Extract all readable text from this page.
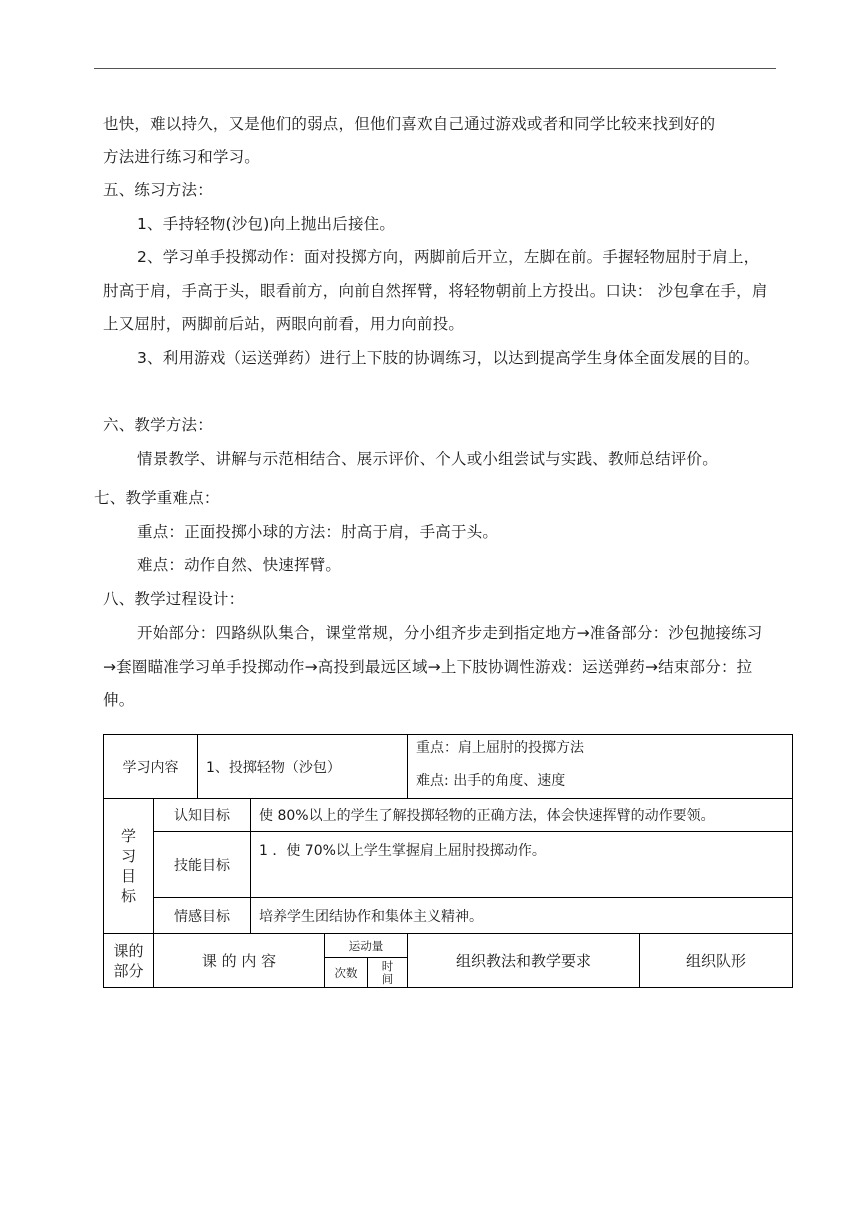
也快，难以持久，又是他们的弱点，但他们喜欢自己通过游戏或者和同学比较来找到好的
方法进行练习和学习。
五、练习方法：
1、手持轻物(沙包)向上抛出后接住。
2、学习单手投掷动作：面对投掷方向，两脚前后开立，左脚在前。手握轻物屈肘于肩上，肘高于肩，手高于头，眼看前方，向前自然挥臂，将轻物朝前上方投出。口诀： 沙包拿在手，肩上又屈肘，两脚前后站，两眼向前看，用力向前投。
3、利用游戏（运送弹药）进行上下肢的协调练习，以达到提高学生身体全面发展的目的。
六、教学方法：
情景教学、讲解与示范相结合、展示评价、个人或小组尝试与实践、教师总结评价。
七、教学重难点：
重点：正面投掷小球的方法：肘高于肩，手高于头。
难点：动作自然、快速挥臂。
八、教学过程设计：
开始部分：四路纵队集合，课堂常规，分小组齐步走到指定地方→准备部分：沙包抛接练习→套圈瞄准学习单手投掷动作→高投到最远区域→上下肢协调性游戏：运送弹药→结束部分：拉伸。
学习内容		1、投掷轻物（沙包）				重点：肩上屈肘的投掷方法
难点: 出手的角度、速度	

学
习
目
标	认知目标		使 80%以上的学生了解投掷轻物的正确方法，体会快速挥臂的动作要领。				
	技能目标		1 ．使 70%以上学生掌握肩上屈肘投掷动作。				
	情感目标		培养学生团结协作和集体主义精神。				

课的
部分	课 的 内 容			运动量		组织教法和教学要求	组织队形
				次数	时
间		
